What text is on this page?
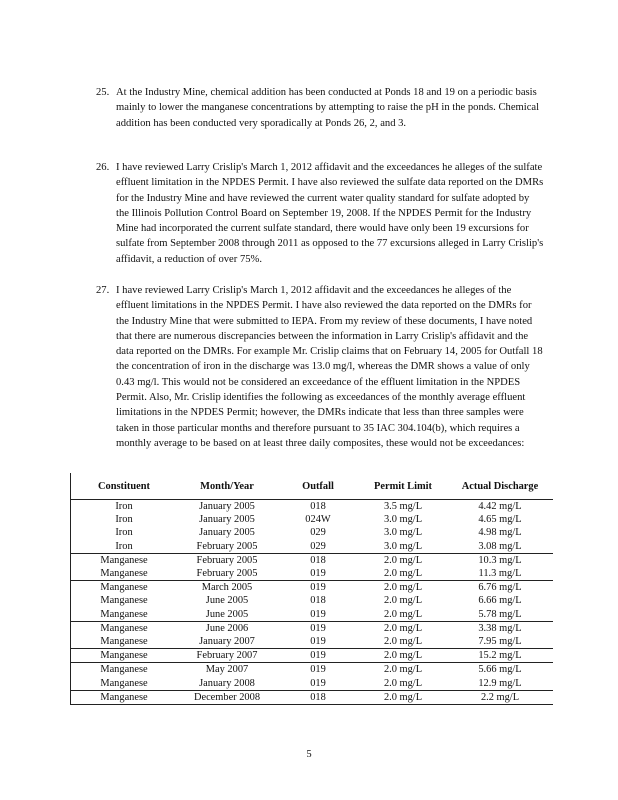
25. At the Industry Mine, chemical addition has been conducted at Ponds 18 and 19 on a periodic basis mainly to lower the manganese concentrations by attempting to raise the pH in the ponds. Chemical addition has been conducted very sporadically at Ponds 26, 2, and 3.
26. I have reviewed Larry Crislip's March 1, 2012 affidavit and the exceedances he alleges of the sulfate effluent limitation in the NPDES Permit. I have also reviewed the sulfate data reported on the DMRs for the Industry Mine and have reviewed the current water quality standard for sulfate adopted by the Illinois Pollution Control Board on September 19, 2008. If the NPDES Permit for the Industry Mine had incorporated the current sulfate standard, there would have only been 19 excursions for sulfate from September 2008 through 2011 as opposed to the 77 excursions alleged in Larry Crislip's affidavit, a reduction of over 75%.
27. I have reviewed Larry Crislip's March 1, 2012 affidavit and the exceedances he alleges of the effluent limitations in the NPDES Permit. I have also reviewed the data reported on the DMRs for the Industry Mine that were submitted to IEPA. From my review of these documents, I have noted that there are numerous discrepancies between the information in Larry Crislip's affidavit and the data reported on the DMRs. For example Mr. Crislip claims that on February 14, 2005 for Outfall 18 the concentration of iron in the discharge was 13.0 mg/l, whereas the DMR shows a value of only 0.43 mg/l. This would not be considered an exceedance of the effluent limitation in the NPDES Permit. Also, Mr. Crislip identifies the following as exceedances of the monthly average effluent limitations in the NPDES Permit; however, the DMRs indicate that less than three samples were taken in those particular months and therefore pursuant to 35 IAC 304.104(b), which requires a monthly average to be based on at least three daily composites, these would not be exceedances:
Constituent	Month/Year	Outfall	Permit Limit	Actual Discharge
Iron	January 2005	018	3.5 mg/L	4.42 mg/L
Iron	January 2005	024W	3.0 mg/L	4.65 mg/L
Iron	January 2005	029	3.0 mg/L	4.98 mg/L
Iron	February 2005	029	3.0 mg/L	3.08 mg/L
Manganese	February 2005	018	2.0 mg/L	10.3 mg/L
Manganese	February 2005	019	2.0 mg/L	11.3 mg/L
Manganese	March 2005	019	2.0 mg/L	6.76 mg/L
Manganese	June 2005	018	2.0 mg/L	6.66 mg/L
Manganese	June 2005	019	2.0 mg/L	5.78 mg/L
Manganese	June 2006	019	2.0 mg/L	3.38 mg/L
Manganese	January 2007	019	2.0 mg/L	7.95 mg/L
Manganese	February 2007	019	2.0 mg/L	15.2 mg/L
Manganese	May 2007	019	2.0 mg/L	5.66 mg/L
Manganese	January 2008	019	2.0 mg/L	12.9 mg/L
Manganese	December 2008	018	2.0 mg/L	2.2 mg/L
5
